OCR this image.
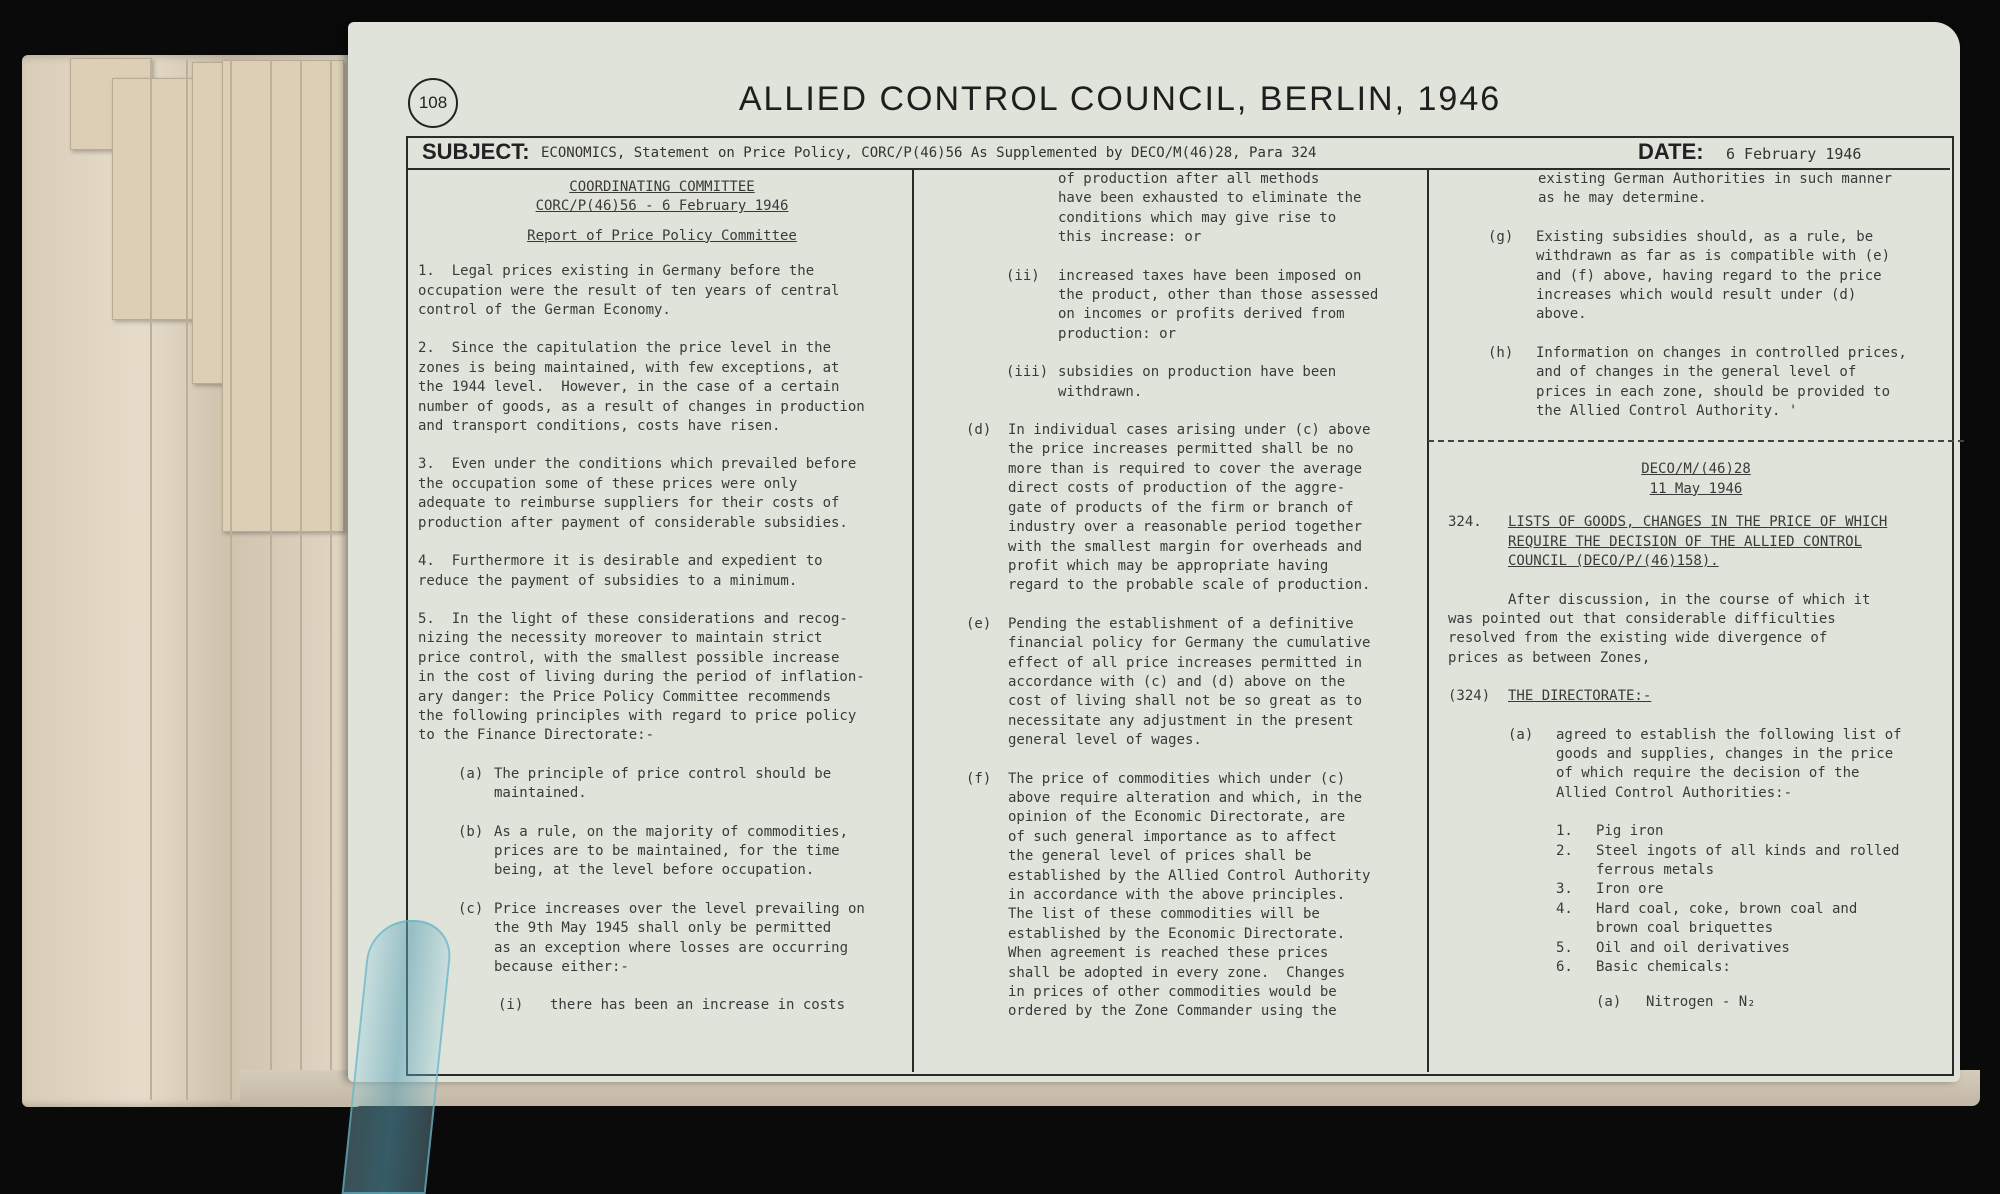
108	ALLIED CONTROL COUNCIL, BERLIN, 1946
SUBJECT: ECONOMICS, Statement on Price Policy, CORC/P(46)56 As Supplemented by DECO/M(46)28, Para 324	DATE: 6 February 1946
COORDINATING COMMITTEE
CORC/P(46)56 - 6 February 1946
Report of Price Policy Committee

1.  Legal prices existing in Germany before the
occupation were the result of ten years of central
control of the German Economy.

2.  Since the capitulation the price level in the
zones is being maintained, with few exceptions, at
the 1944 level.  However, in the case of a certain
number of goods, as a result of changes in production
and transport conditions, costs have risen.

3.  Even under the conditions which prevailed before
the occupation some of these prices were only
adequate to reimburse suppliers for their costs of
production after payment of considerable subsidies.

4.  Furthermore it is desirable and expedient to
reduce the payment of subsidies to a minimum.

5.  In the light of these considerations and recog-
nizing the necessity moreover to maintain strict
price control, with the smallest possible increase
in the cost of living during the period of inflation-
ary danger: the Price Policy Committee recommends
the following principles with regard to price policy
to the Finance Directorate:-

(a) The principle of price control should be
maintained.
(b) As a rule, on the majority of commodities,
prices are to be maintained, for the time
being, at the level before occupation.
(c) Price increases over the level prevailing on
the 9th May 1945 shall only be permitted
as an exception where losses are occurring
because either:-
(i)	there has been an increase in costs

of production after all methods
have been exhausted to eliminate the
conditions which may give rise to
this increase: or

(ii)	increased taxes have been imposed on
the product, other than those assessed
on incomes or profits derived from
production: or
(iii) subsidies on production have been
withdrawn.
(d)	In individual cases arising under (c) above
the price increases permitted shall be no
more than is required to cover the average
direct costs of production of the aggre-
gate of products of the firm or branch of
industry over a reasonable period together
with the smallest margin for overheads and
profit which may be appropriate having
regard to the probable scale of production.
(e)	Pending the establishment of a definitive
financial policy for Germany the cumulative
effect of all price increases permitted in
accordance with (c) and (d) above on the
cost of living shall not be so great as to
necessitate any adjustment in the present
general level of wages.
(f)	The price of commodities which under (c)
above require alteration and which, in the
opinion of the Economic Directorate, are
of such general importance as to affect
the general level of prices shall be
established by the Allied Control Authority
in accordance with the above principles.
The list of these commodities will be
established by the Economic Directorate.
When agreement is reached these prices
shall be adopted in every zone.  Changes
in prices of other commodities would be
ordered by the Zone Commander using the

existing German Authorities in such manner
as he may determine.

(g)	Existing subsidies should, as a rule, be
withdrawn as far as is compatible with (e)
and (f) above, having regard to the price
increases which would result under (d)
above.
(h)	Information on changes in controlled prices,
and of changes in the general level of
prices in each zone, should be provided to
the Allied Control Authority. '
DECO/M/(46)28
11 May 1946
324.	LISTS OF GOODS, CHANGES IN THE PRICE OF WHICH
REQUIRE THE DECISION OF THE ALLIED CONTROL
COUNCIL (DECO/P/(46)158).

After discussion, in the course of which it
was pointed out that considerable difficulties
resolved from the existing wide divergence of
prices as between Zones,

(324)	THE DIRECTORATE:-
(a)	agreed to establish the following list of
goods and supplies, changes in the price
of which require the decision of the
Allied Control Authorities:-
1.	Pig iron
2.	Steel ingots of all kinds and rolled
ferrous metals
3.	Iron ore
4.	Hard coal, coke, brown coal and
brown coal briquettes
5.	Oil and oil derivatives
6.	Basic chemicals:
(a)	Nitrogen - N₂
